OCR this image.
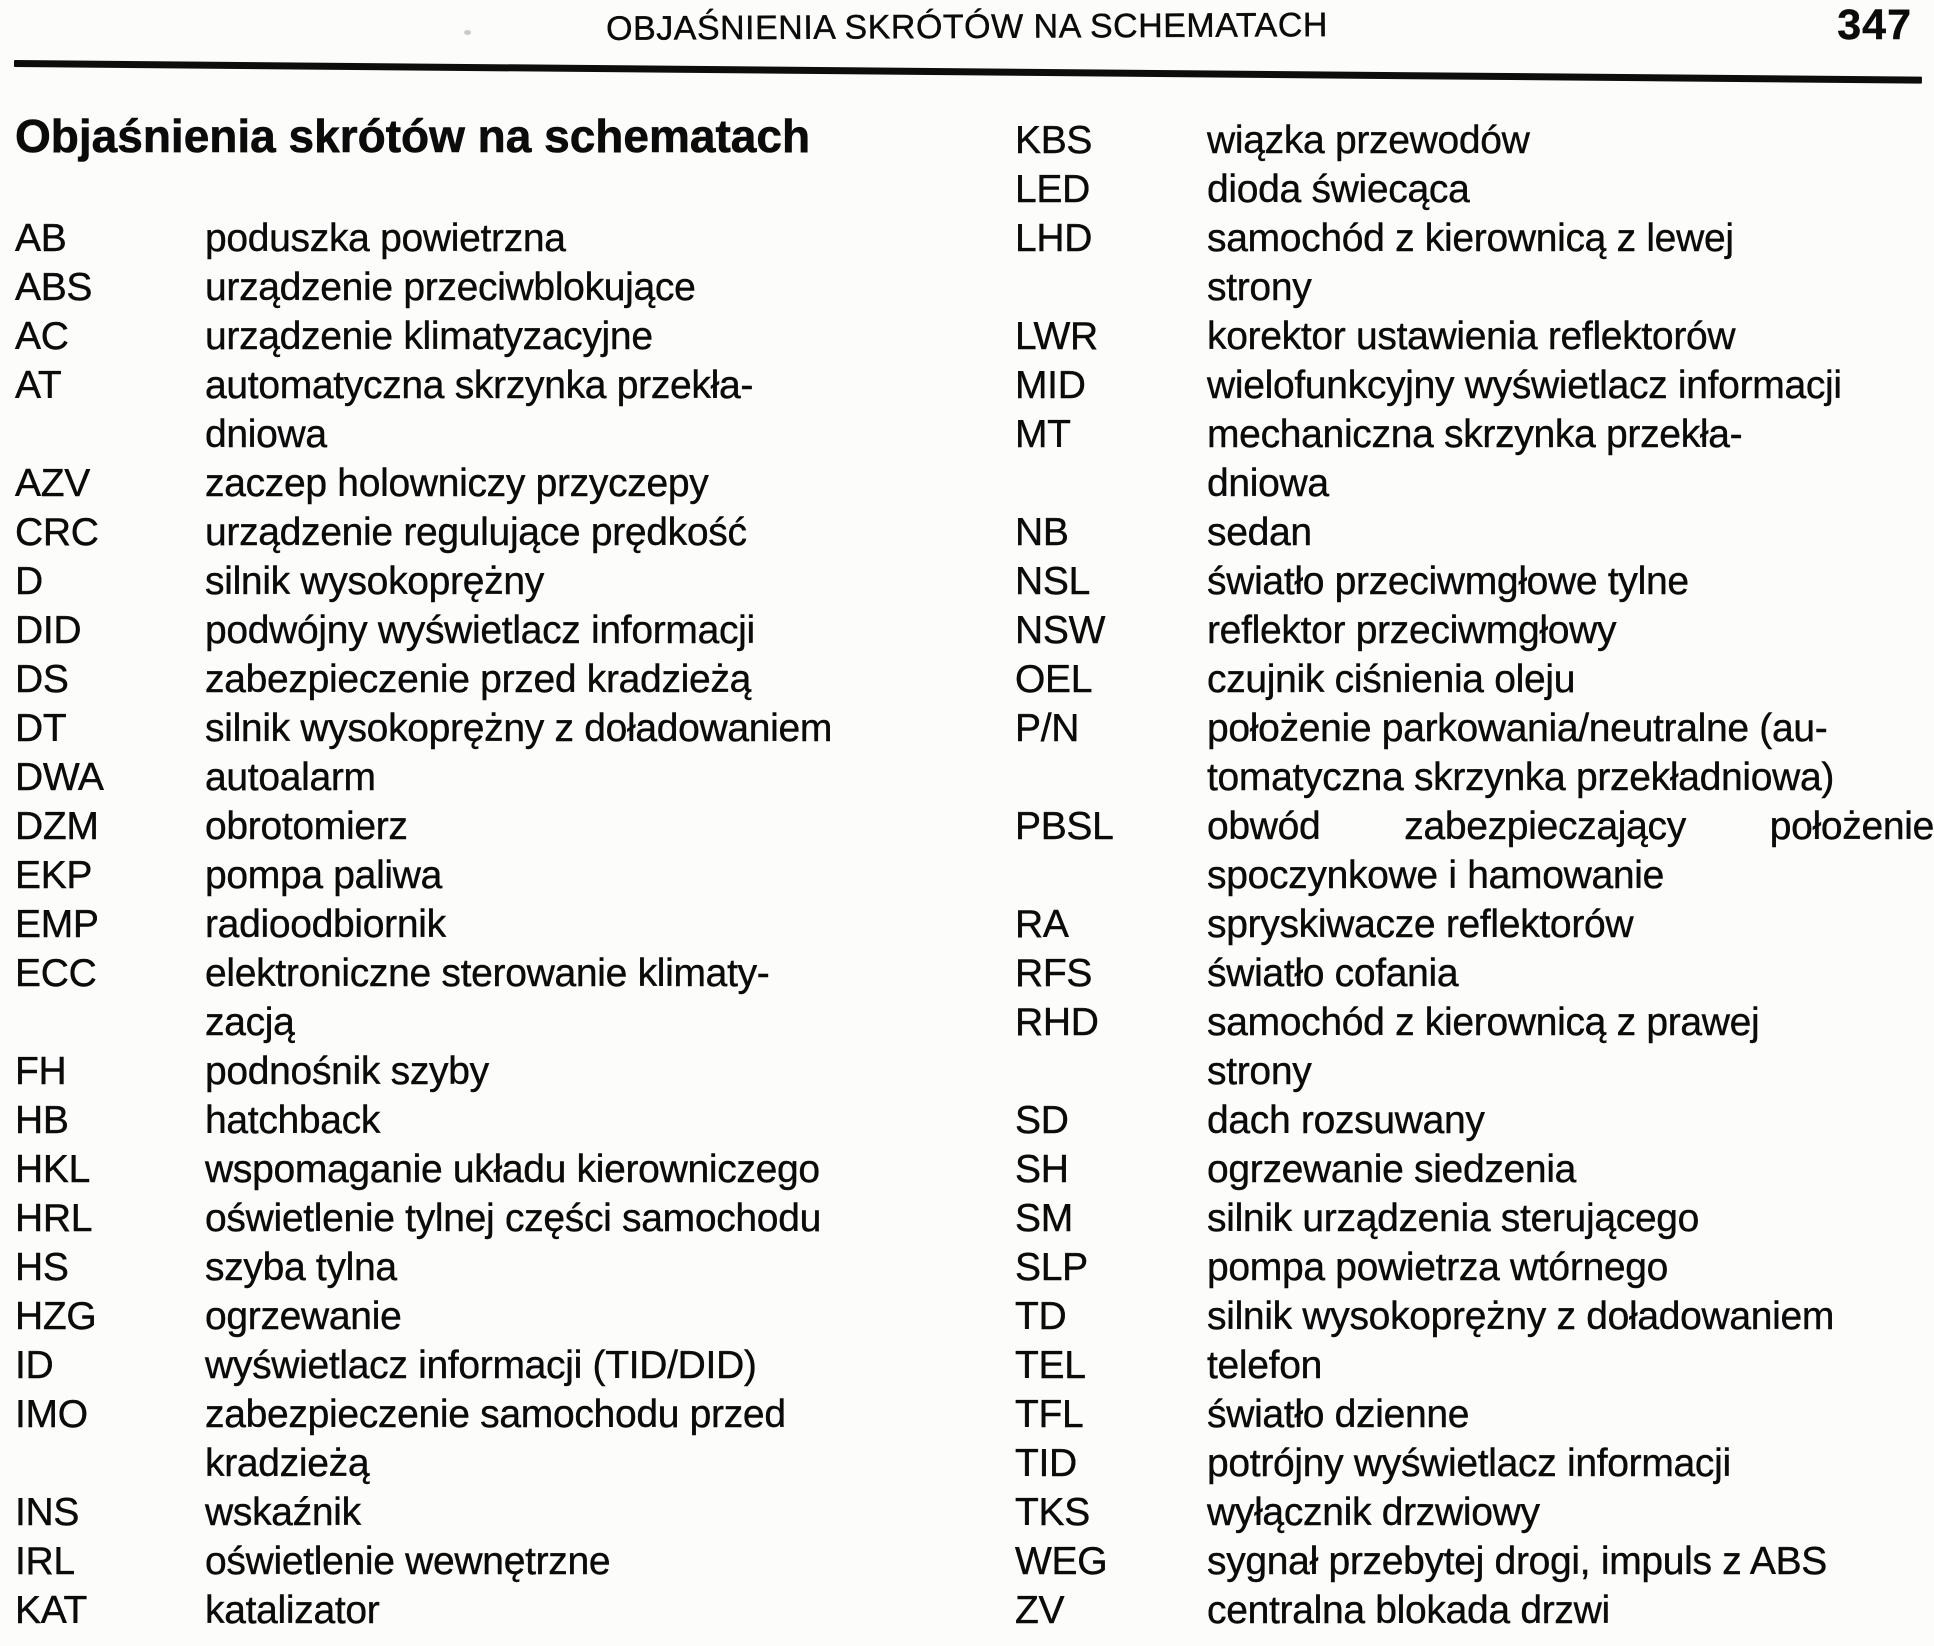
OBJAŚNIENIA SKRÓTÓW NA SCHEMATACH	347
Objaśnienia skrótów na schematach
AB	poduszka powietrzna
ABS	urządzenie przeciwblokujące
AC	urządzenie klimatyzacyjne
AT	automatyczna skrzynka przekła-
dniowa
AZV	zaczep holowniczy przyczepy
CRC	urządzenie regulujące prędkość
D	silnik wysokoprężny
DID	podwójny wyświetlacz informacji
DS	zabezpieczenie przed kradzieżą
DT	silnik wysokoprężny z doładowaniem
DWA	autoalarm
DZM	obrotomierz
EKP	pompa paliwa
EMP	radioodbiornik
ECC	elektroniczne sterowanie klimaty-
zacją
FH	podnośnik szyby
HB	hatchback
HKL	wspomaganie układu kierowniczego
HRL	oświetlenie tylnej części samochodu
HS	szyba tylna
HZG	ogrzewanie
ID	wyświetlacz informacji (TID/DID)
IMO	zabezpieczenie samochodu przed
kradzieżą
INS	wskaźnik
IRL	oświetlenie wewnętrzne
KAT	katalizator
KBS	wiązka przewodów
LED	dioda świecąca
LHD	samochód z kierownicą z lewej
strony
LWR	korektor ustawienia reflektorów
MID	wielofunkcyjny wyświetlacz informacji
MT	mechaniczna skrzynka przekła-
dniowa
NB	sedan
NSL	światło przeciwmgłowe tylne
NSW	reflektor przeciwmgłowy
OEL	czujnik ciśnienia oleju
P/N	położenie parkowania/neutralne (au-
tomatyczna skrzynka przekładniowa)
PBSL	obwód zabezpieczający położenie
spoczynkowe i hamowanie
RA	spryskiwacze reflektorów
RFS	światło cofania
RHD	samochód z kierownicą z prawej
strony
SD	dach rozsuwany
SH	ogrzewanie siedzenia
SM	silnik urządzenia sterującego
SLP	pompa powietrza wtórnego
TD	silnik wysokoprężny z doładowaniem
TEL	telefon
TFL	światło dzienne
TID	potrójny wyświetlacz informacji
TKS	wyłącznik drzwiowy
WEG	sygnał przebytej drogi, impuls z ABS
ZV	centralna blokada drzwi
